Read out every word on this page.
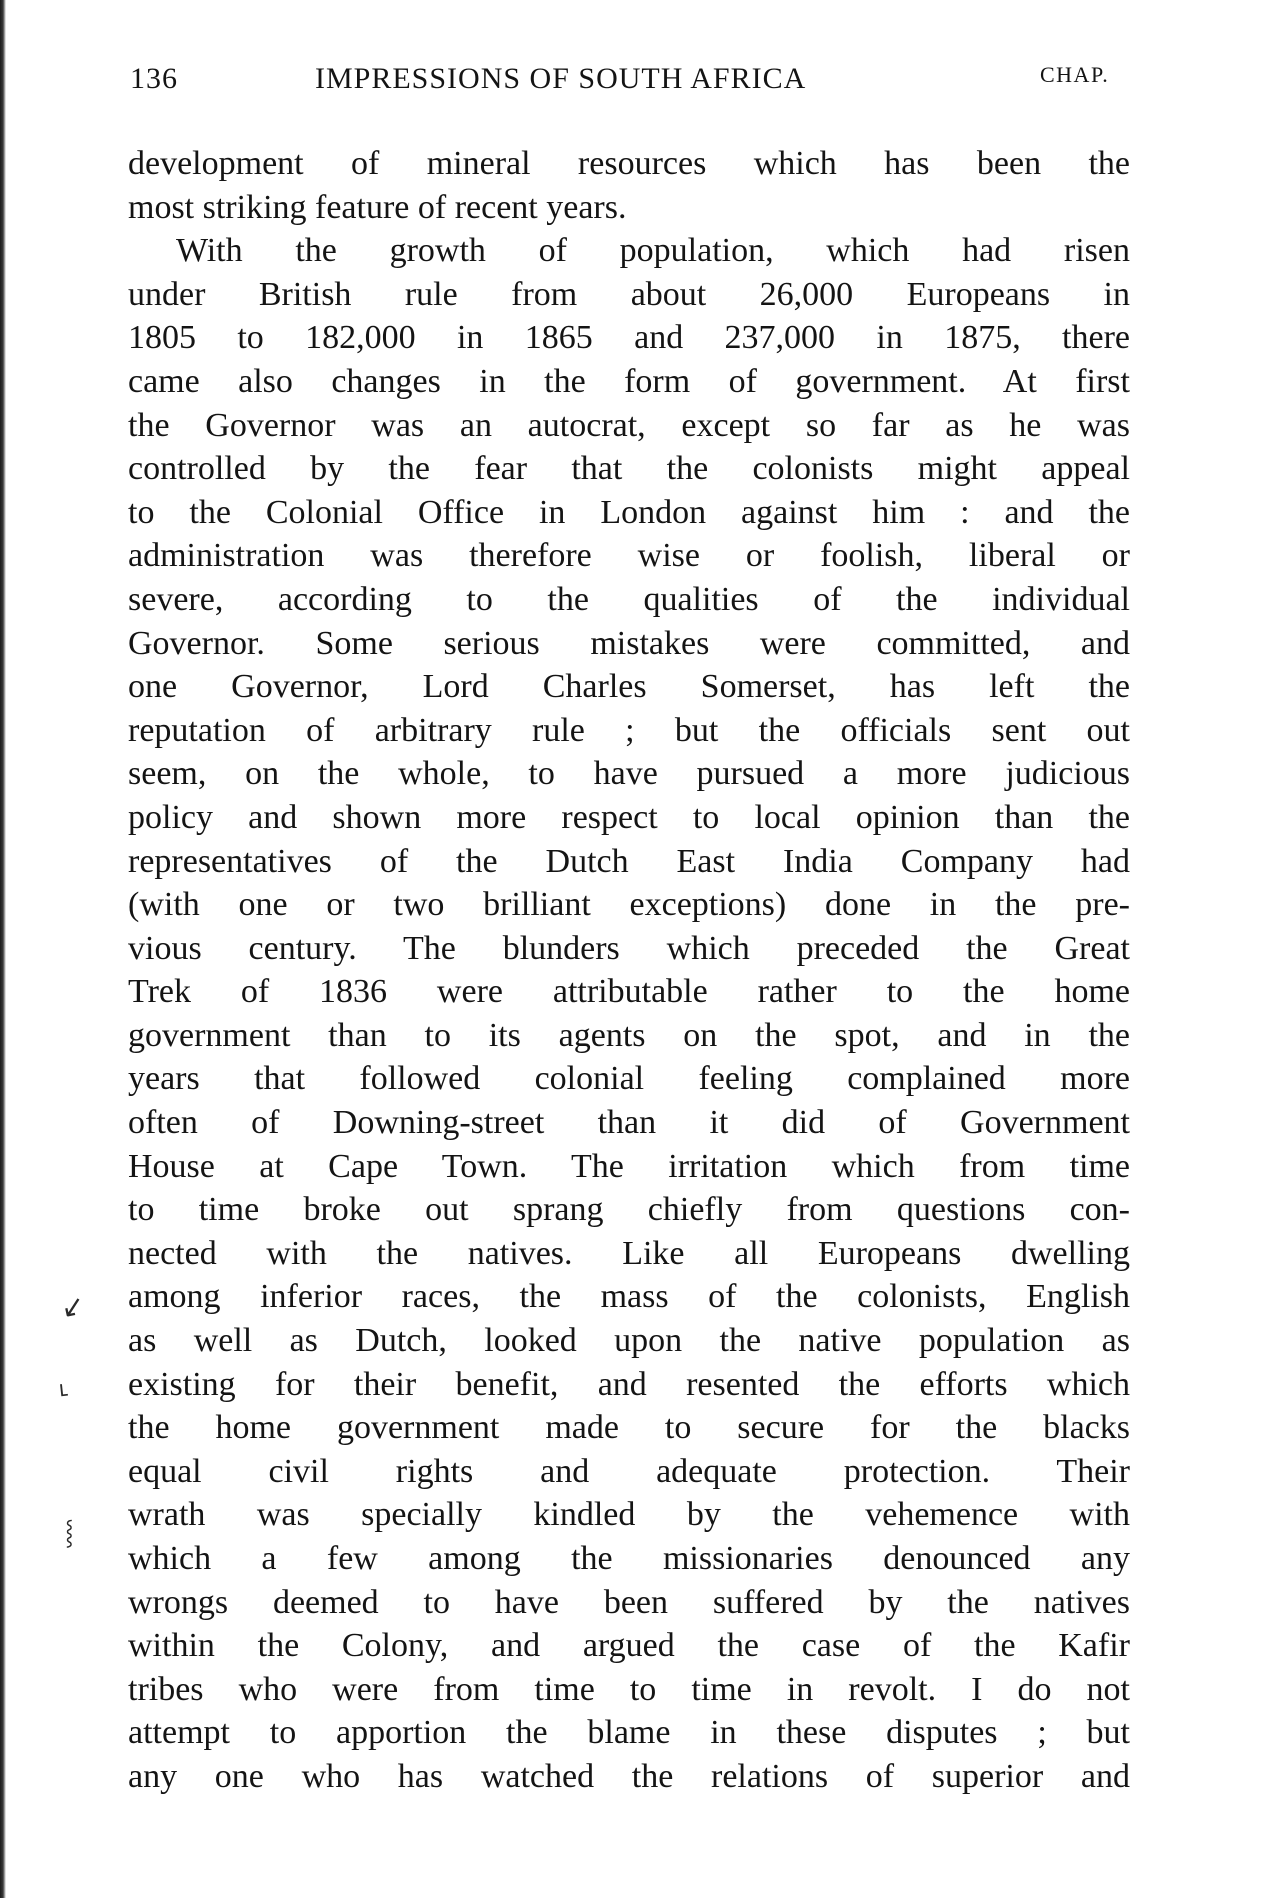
136	IMPRESSIONS OF SOUTH AFRICA	CHAP.
development of mineral resources which has been the
most striking feature of recent years.
With the growth of population, which had risen
under British rule from about 26,000 Europeans in
1805 to 182,000 in 1865 and 237,000 in 1875, there
came also changes in the form of government. At first
the Governor was an autocrat, except so far as he was
controlled by the fear that the colonists might appeal
to the Colonial Office in London against him : and the
administration was therefore wise or foolish, liberal or
severe, according to the qualities of the individual
Governor. Some serious mistakes were committed, and
one Governor, Lord Charles Somerset, has left the
reputation of arbitrary rule ; but the officials sent out
seem, on the whole, to have pursued a more judicious
policy and shown more respect to local opinion than the
representatives of the Dutch East India Company had
(with one or two brilliant exceptions) done in the pre-
vious century. The blunders which preceded the Great
Trek of 1836 were attributable rather to the home
government than to its agents on the spot, and in the
years that followed colonial feeling complained more
often of Downing-street than it did of Government
House at Cape Town. The irritation which from time
to time broke out sprang chiefly from questions con-
nected with the natives. Like all Europeans dwelling
among inferior races, the mass of the colonists, English
as well as Dutch, looked upon the native population as
existing for their benefit, and resented the efforts which
the home government made to secure for the blacks
equal civil rights and adequate protection. Their
wrath was specially kindled by the vehemence with
which a few among the missionaries denounced any
wrongs deemed to have been suffered by the natives
within the Colony, and argued the case of the Kafir
tribes who were from time to time in revolt. I do not
attempt to apportion the blame in these disputes ; but
any one who has watched the relations of superior and
↙
˪
⸾
